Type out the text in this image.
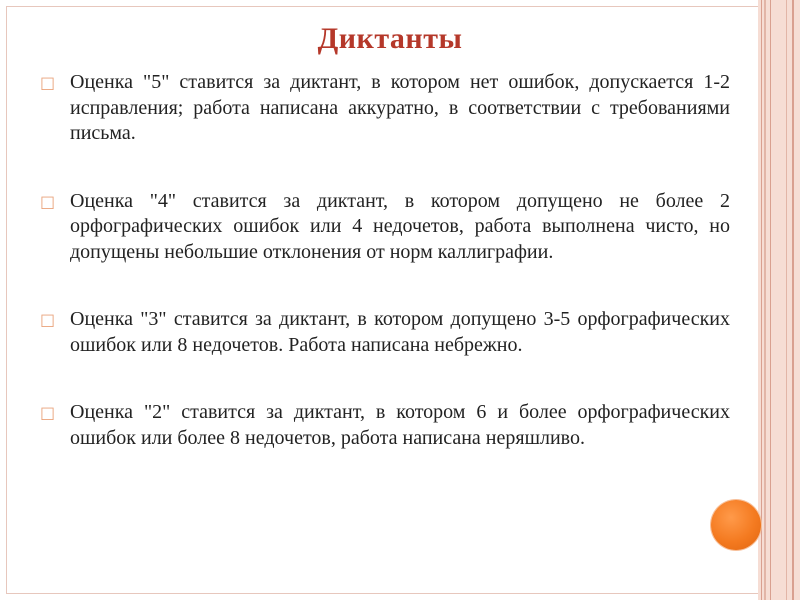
Диктанты
□ Оценка "5" ставится за диктант, в котором нет ошибок, допускается 1-2 исправления; работа написана аккуратно, в соответствии с требованиями письма.
□ Оценка "4" ставится за диктант, в котором допущено не более 2 орфографических ошибок или 4 недочетов, работа выполнена чисто, но допущены небольшие отклонения от норм каллиграфии.
□ Оценка "3" ставится за диктант, в котором допущено 3-5 орфографических ошибок или 8 недочетов. Работа написана небрежно.
□ Оценка "2" ставится за диктант, в котором 6 и более орфографических ошибок или более 8 недочетов, работа написана неряшливо.
